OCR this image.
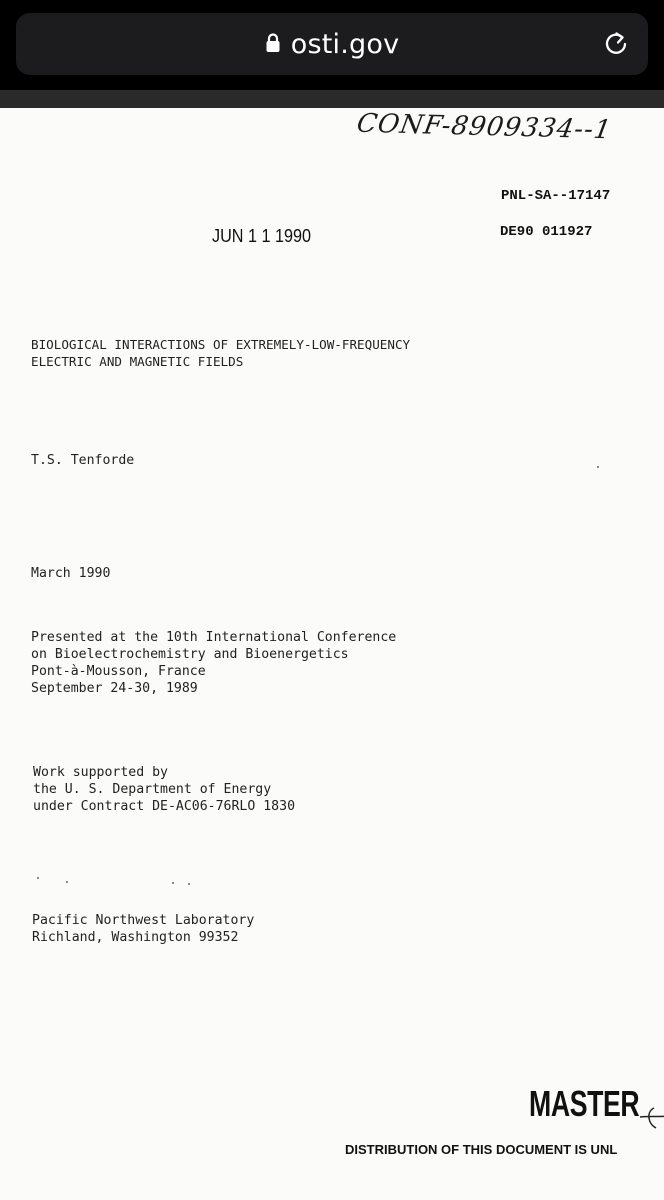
osti.gov
CONF-8909334--1
PNL-SA--17147
DE90 011927
JUN 1 1 1990
BIOLOGICAL INTERACTIONS OF EXTREMELY-LOW-FREQUENCY
ELECTRIC AND MAGNETIC FIELDS
T.S. Tenforde
March 1990
Presented at the 10th International Conference
on Bioelectrochemistry and Bioenergetics
Pont-à-Mousson, France
September 24-30, 1989
Work supported by
the U. S. Department of Energy
under Contract DE-AC06-76RLO 1830
Pacific Northwest Laboratory
Richland, Washington 99352
MASTER
DISTRIBUTION OF THIS DOCUMENT IS UNL
